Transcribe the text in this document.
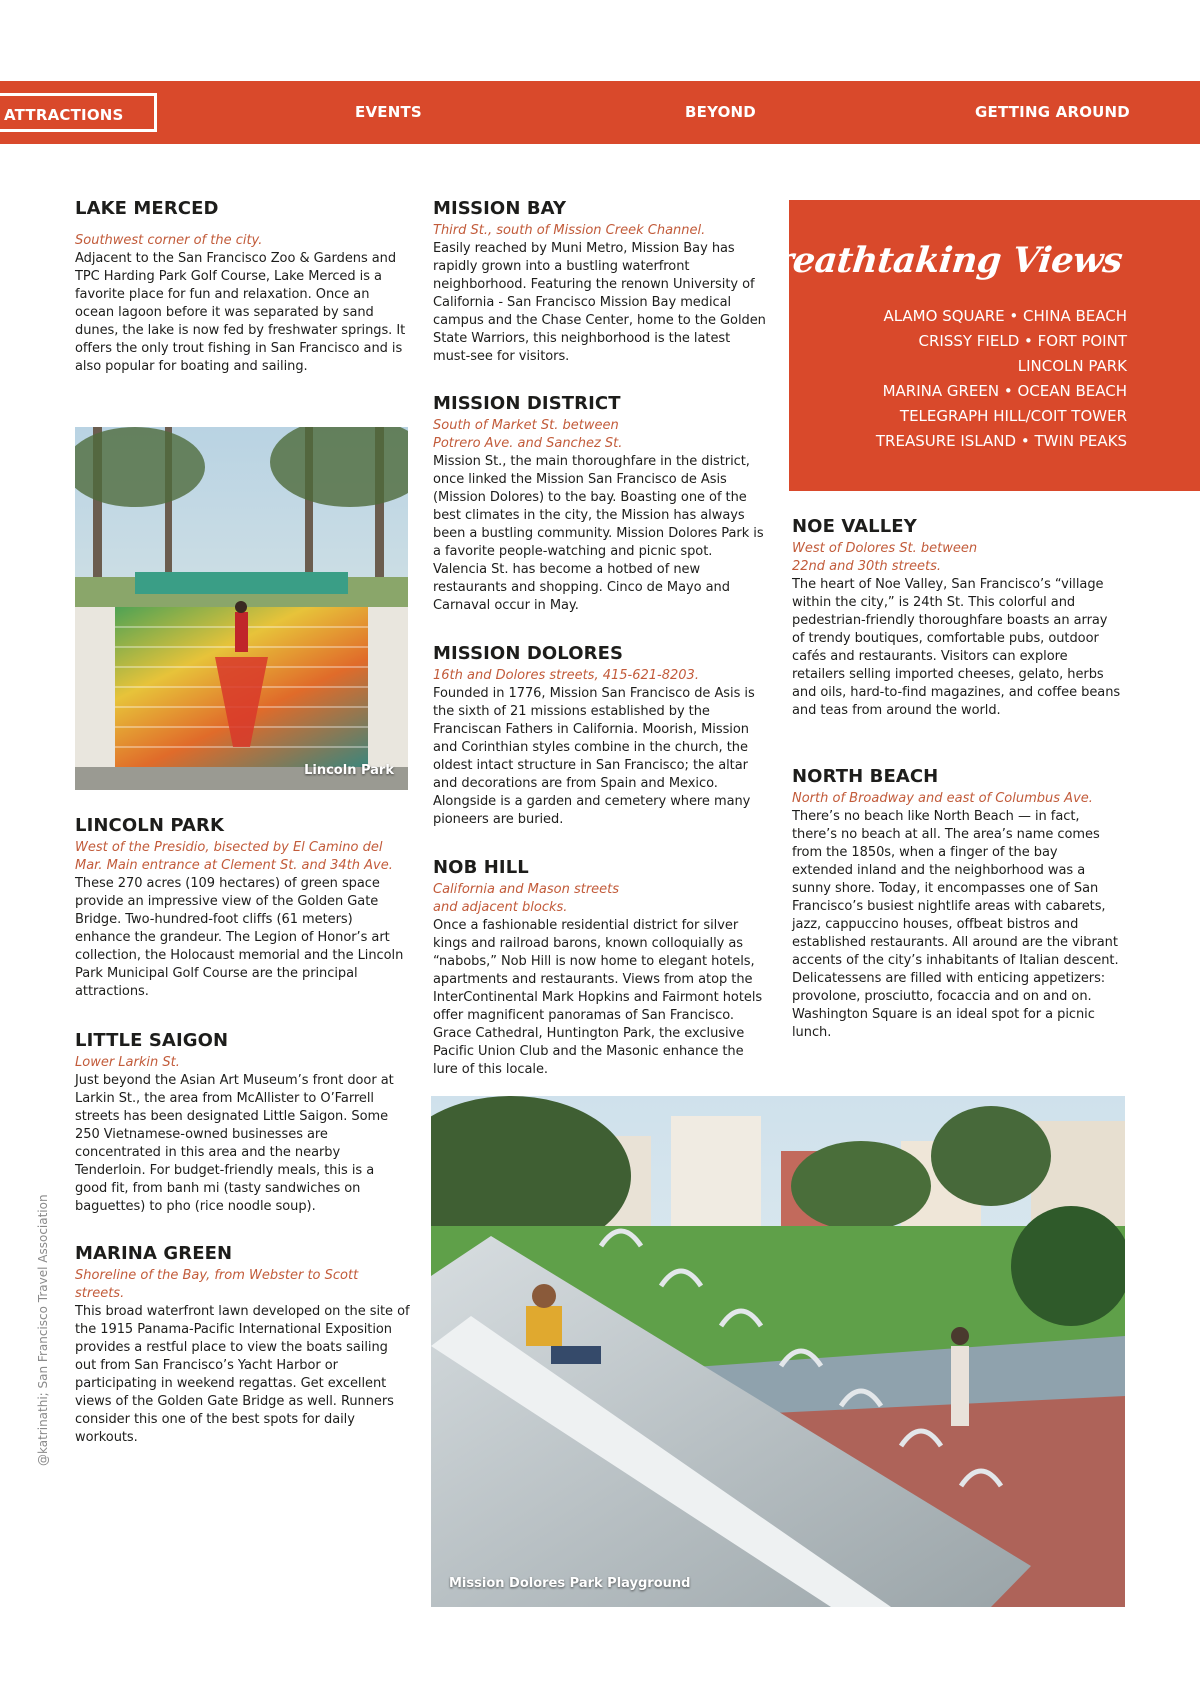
ATTRACTIONS	EVENTS	BEYOND	GETTING AROUND
LAKE MERCED

Southwest corner of the city.

Adjacent to the San Francisco Zoo & Gardens and TPC Harding Park Golf Course, Lake Merced is a favorite place for fun and relaxation. Once an ocean lagoon before it was separated by sand dunes, the lake is now fed by freshwater springs. It offers the only trout fishing in San Francisco and is also popular for boating and sailing.

Lincoln Park
LINCOLN PARK

West of the Presidio, bisected by El Camino del Mar. Main entrance at Clement St. and 34th Ave.

These 270 acres (109 hectares) of green space provide an impressive view of the Golden Gate Bridge. Two-hundred-foot cliffs (61 meters) enhance the grandeur. The Legion of Honor’s art collection, the Holocaust memorial and the Lincoln Park Municipal Golf Course are the principal attractions.

LITTLE SAIGON

Lower Larkin St.

Just beyond the Asian Art Museum’s front door at Larkin St., the area from McAllister to O’Farrell streets has been designated Little Saigon. Some 250 Vietnamese-owned businesses are concentrated in this area and the nearby Tenderloin. For budget-friendly meals, this is a good fit, from banh mi (tasty sandwiches on baguettes) to pho (rice noodle soup).

MARINA GREEN

Shoreline of the Bay, from Webster to Scott streets.

This broad waterfront lawn developed on the site of the 1915 Panama-Pacific International Exposition provides a restful place to view the boats sailing out from San Francisco’s Yacht Harbor or participating in weekend regattas. Get excellent views of the Golden Gate Bridge as well. Runners consider this one of the best spots for daily workouts.

MISSION BAY

Third St., south of Mission Creek Channel.

Easily reached by Muni Metro, Mission Bay has rapidly grown into a bustling waterfront neighborhood. Featuring the renown University of California - San Francisco Mission Bay medical campus and the Chase Center, home to the Golden State Warriors, this neighborhood is the latest must-see for visitors.

MISSION DISTRICT

South of Market St. between Potrero Ave. and Sanchez St.

Mission St., the main thoroughfare in the district, once linked the Mission San Francisco de Asis (Mission Dolores) to the bay. Boasting one of the best climates in the city, the Mission has always been a bustling community. Mission Dolores Park is a favorite people-watching and picnic spot. Valencia St. has become a hotbed of new restaurants and shopping. Cinco de Mayo and Carnaval occur in May.

MISSION DOLORES

16th and Dolores streets, 415-621-8203.

Founded in 1776, Mission San Francisco de Asis is the sixth of 21 missions established by the Franciscan Fathers in California. Moorish, Mission and Corinthian styles combine in the church, the oldest intact structure in San Francisco; the altar and decorations are from Spain and Mexico. Alongside is a garden and cemetery where many pioneers are buried.

NOB HILL

California and Mason streets and adjacent blocks.

Once a fashionable residential district for silver kings and railroad barons, known colloquially as “nabobs,” Nob Hill is now home to elegant hotels, apartments and restaurants. Views from atop the InterContinental Mark Hopkins and Fairmont hotels offer magnificent panoramas of San Francisco. Grace Cathedral, Huntington Park, the exclusive Pacific Union Club and the Masonic enhance the lure of this locale.

Breathtaking Views
ALAMO SQUARE • CHINA BEACH
CRISSY FIELD • FORT POINT
LINCOLN PARK
MARINA GREEN • OCEAN BEACH
TELEGRAPH HILL/COIT TOWER
TREASURE ISLAND • TWIN PEAKS
NOE VALLEY

West of Dolores St. between 22nd and 30th streets.

The heart of Noe Valley, San Francisco’s “village within the city,” is 24th St. This colorful and pedestrian-friendly thoroughfare boasts an array of trendy boutiques, comfortable pubs, outdoor cafés and restaurants. Visitors can explore retailers selling imported cheeses, gelato, herbs and oils, hard-to-find magazines, and coffee beans and teas from around the world.

NORTH BEACH

North of Broadway and east of Columbus Ave.

There’s no beach like North Beach — in fact, there’s no beach at all. The area’s name comes from the 1850s, when a finger of the bay extended inland and the neighborhood was a sunny shore. Today, it encompasses one of San Francisco’s busiest nightlife areas with cabarets, jazz, cappuccino houses, offbeat bistros and established restaurants. All around are the vibrant accents of the city’s inhabitants of Italian descent. Delicatessens are filled with enticing appetizers: provolone, prosciutto, focaccia and on and on. Washington Square is an ideal spot for a picnic lunch.

Mission Dolores Park Playground
@katrinathi; San Francisco Travel Association
